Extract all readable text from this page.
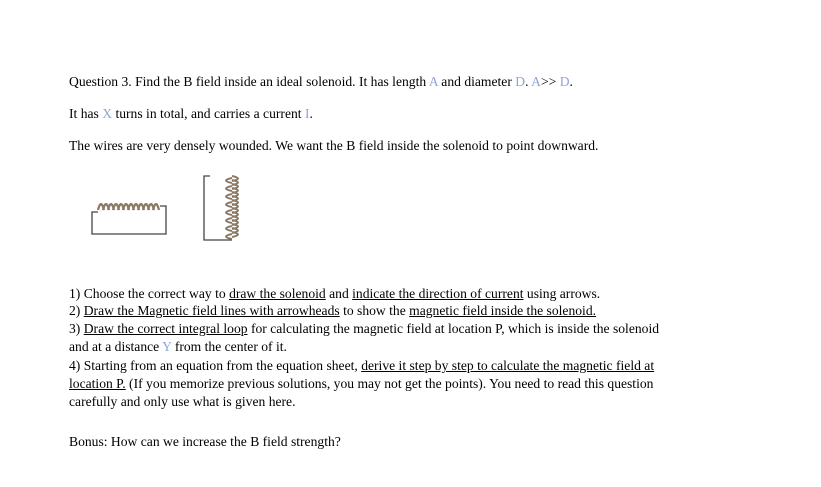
Question 3. Find the B field inside an ideal solenoid. It has length A and diameter D. A>> D.
It has X turns in total, and carries a current I.
The wires are very densely wounded. We want the B field inside the solenoid to point downward.
1) Choose the correct way to draw the solenoid and indicate the direction of current using arrows.
2) Draw the Magnetic field lines with arrowheads to show the magnetic field inside the solenoid.
3) Draw the correct integral loop for calculating the magnetic field at location P, which is inside the solenoid
and at a distance Y from the center of it.
4) Starting from an equation from the equation sheet, derive it step by step to calculate the magnetic field at
location P. (If you memorize previous solutions, you may not get the points). You need to read this question
carefully and only use what is given here.
Bonus: How can we increase the B field strength?
